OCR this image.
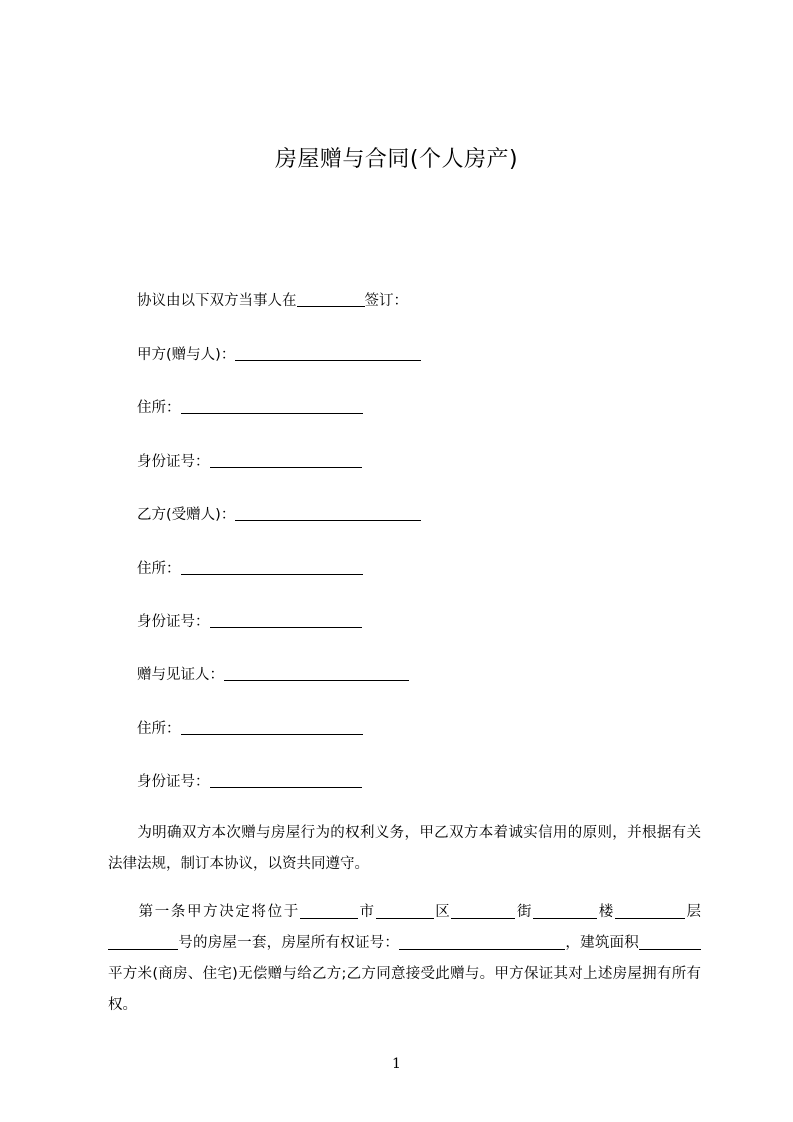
房屋赠与合同(个人房产)
协议由以下双方当事人在	签订：
甲方(赠与人)：
住所：
身份证号：
乙方(受赠人)：
住所：
身份证号：
赠与见证人：
住所：
身份证号：

为明确双方本次赠与房屋行为的权利义务，甲乙双方本着诚实信用的原则，并根据有关法律法规，制订本协议，以资共同遵守。

第一条甲方决定将位于	市	区	街	楼	层号的房屋一套，房屋所有权证号：	，建筑面积平方米(商房、住宅)无偿赠与给乙方;乙方同意接受此赠与。甲方保证其对上述房屋拥有所有权。

1
